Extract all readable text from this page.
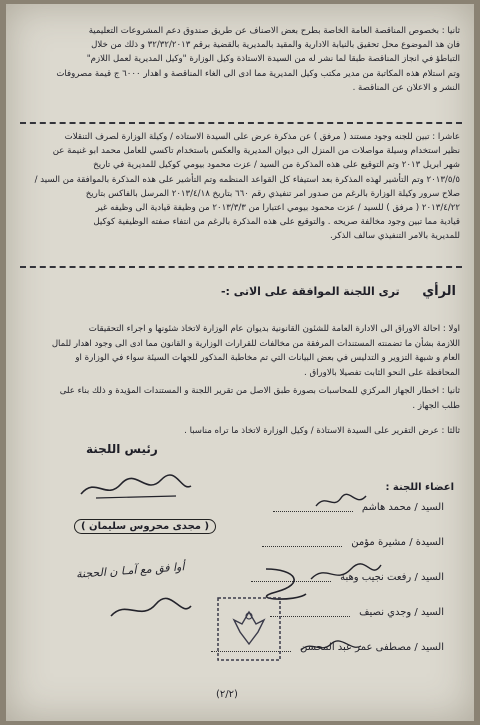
ثانيا : بخصوص المناقصة العامة الخاصة بطرح بعض الاصناف عن طريق صندوق دعم المشروعات التعليمية
فان هذ الموضوع محل تحقيق بالنيابة الادارية والمقيد بالمديرية بالقضية برقم ٣٢/٣٢/٢٠١٣ و ذلك من خلال
التباطؤ في انجاز المناقصة طبقا لما نشر له من السيدة الاستاذة وكيل الوزارة "وكيل المديرية لعمل اللازم"
وتم استلام هذه المكاتبة من مدير مكتب وكيل المديرية مما ادى الى الغاء المناقصة و اهدار ٦٠٠٠ ج قيمة مصروفات
النشر و الاعلان عن المناقصة .
عاشرا : تبين للجنه وجود مستند ( مرفق ) عن مذكرة عرض على السيدة الاستاذه / وكيلة الوزارة لصرف التنقلات
نظير استخدام وسيلة مواصلات من المنزل الى ديوان المديرية والعكس باستخدام تاكسي للعامل محمد ابو غنيمة عن
شهر ابريل ٢٠١٣ وتم التوقيع على هذه المذكرة من السيد / عزت محمود بيومي كوكيل للمديرية في تاريخ
٢٠١٣/٥/٥ وتم التأشير لهذه المذكرة بعد استيفاء كل القواعد المنظمه وتم التأشير على هذه المذكرة بالموافقة من السيد /
صلاح سرور وكيلة الوزارة بالرغم من صدور امر تنفيذي رقم ٦٦٠ بتاريخ ٢٠١٣/٤/١٨ المرسل بالفاكس بتاريخ
٢٠١٣/٤/٢٢ ( مرفق ) للسيد / عزت محمود بيومي اعتبارا من ٢٠١٣/٣/٣ من وظيفة قيادية الى وظيفه غير
قيادية مما تبين وجود مخالفة صريحه . والتوقيع على هذه المذكرة بالرغم من انتفاء صفته الوظيفية كوكيل
للمديرية بالامر التنفيذي سالف الذكر.
الرأي ترى اللجنة الموافقة على الاتى :-
اولا : احالة الاوراق الى الادارة العامة للشئون القانونية بديوان عام الوزارة لاتخاذ شئونها و اجراء التحقيقات
اللازمة بشأن ما تضمنته المستندات المرفقة من مخالفات للقرارات الوزارية و القانون مما ادى الى وجود اهدار للمال
العام و شبهة التزوير و التدليس في بعض البيانات التي تم مخاطبة المذكور للجهات السيئة سواء في الوزارة او
المحافظة على النحو الثابت تفصيلا بالاوراق .
ثانيا : اخطار الجهاز المركزي للمحاسبات بصورة طبق الاصل من تقرير اللجنة و المستندات المؤيدة و ذلك بناء على
طلب الجهاز .
ثالثا : عرض التقرير على السيدة الاستاذة / وكيل الوزارة لاتخاذ ما تراه مناسبا .
رئيس اللجنة
( مجدى محروس سليمان )
اعضاء اللجنة :
السيد / محمد هاشم
السيدة / مشيرة مؤمن
السيد / رفعت نجيب وهبة
السيد / وجدي نصيف
السيد / مصطفى عمر عبد المحسن
أوا فق مع آمـا ن الحجنة
(٢/٢)
